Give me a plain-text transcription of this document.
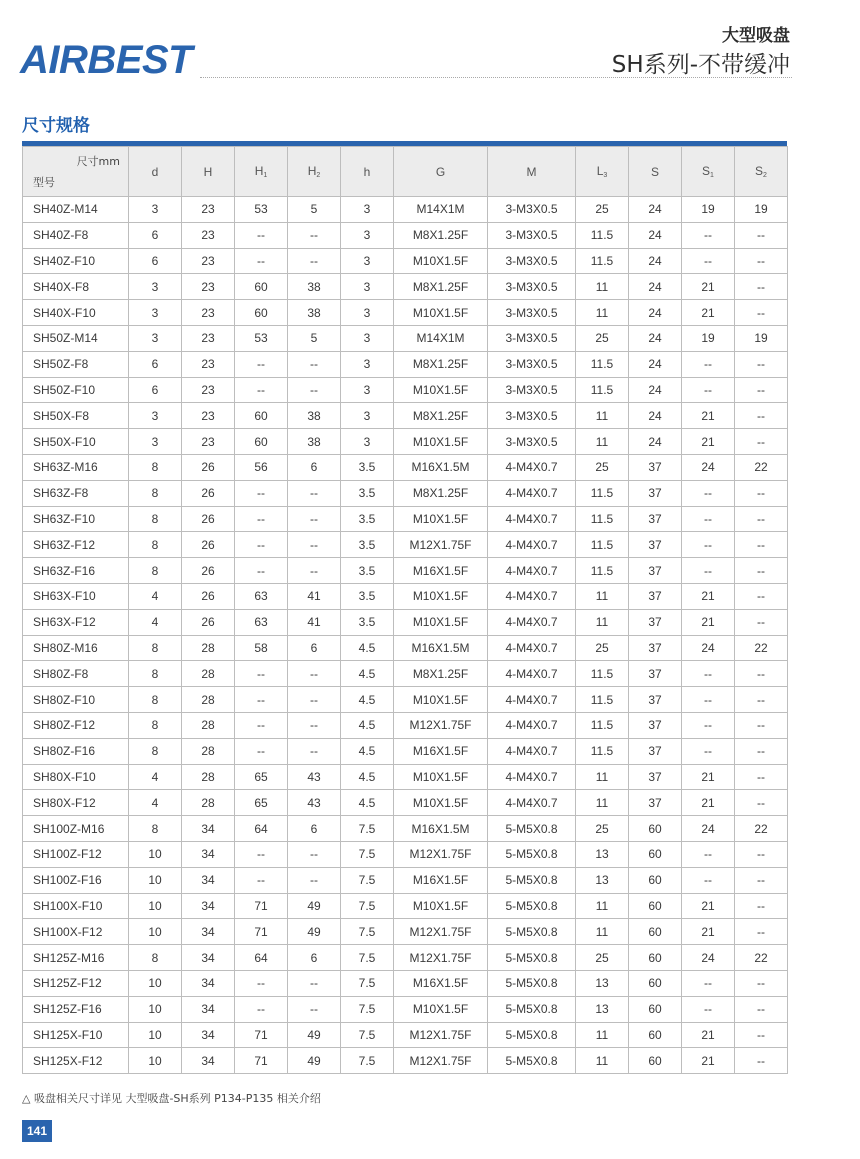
AIRBEST
大型吸盘
SH系列-不带缓冲
尺寸规格
尺寸mm
型号	d	H	$H_1$	$H_2$	h	G	M	$L_3$	S	$S_1$	$S_2$
SH40Z-M14	3	23	53	5	3	M14X1M	3-M3X0.5	25	24	19	19
SH40Z-F8	6	23	--	--	3	M8X1.25F	3-M3X0.5	11.5	24	--	--
SH40Z-F10	6	23	--	--	3	M10X1.5F	3-M3X0.5	11.5	24	--	--
SH40X-F8	3	23	60	38	3	M8X1.25F	3-M3X0.5	11	24	21	--
SH40X-F10	3	23	60	38	3	M10X1.5F	3-M3X0.5	11	24	21	--
SH50Z-M14	3	23	53	5	3	M14X1M	3-M3X0.5	25	24	19	19
SH50Z-F8	6	23	--	--	3	M8X1.25F	3-M3X0.5	11.5	24	--	--
SH50Z-F10	6	23	--	--	3	M10X1.5F	3-M3X0.5	11.5	24	--	--
SH50X-F8	3	23	60	38	3	M8X1.25F	3-M3X0.5	11	24	21	--
SH50X-F10	3	23	60	38	3	M10X1.5F	3-M3X0.5	11	24	21	--
SH63Z-M16	8	26	56	6	3.5	M16X1.5M	4-M4X0.7	25	37	24	22
SH63Z-F8	8	26	--	--	3.5	M8X1.25F	4-M4X0.7	11.5	37	--	--
SH63Z-F10	8	26	--	--	3.5	M10X1.5F	4-M4X0.7	11.5	37	--	--
SH63Z-F12	8	26	--	--	3.5	M12X1.75F	4-M4X0.7	11.5	37	--	--
SH63Z-F16	8	26	--	--	3.5	M16X1.5F	4-M4X0.7	11.5	37	--	--
SH63X-F10	4	26	63	41	3.5	M10X1.5F	4-M4X0.7	11	37	21	--
SH63X-F12	4	26	63	41	3.5	M10X1.5F	4-M4X0.7	11	37	21	--
SH80Z-M16	8	28	58	6	4.5	M16X1.5M	4-M4X0.7	25	37	24	22
SH80Z-F8	8	28	--	--	4.5	M8X1.25F	4-M4X0.7	11.5	37	--	--
SH80Z-F10	8	28	--	--	4.5	M10X1.5F	4-M4X0.7	11.5	37	--	--
SH80Z-F12	8	28	--	--	4.5	M12X1.75F	4-M4X0.7	11.5	37	--	--
SH80Z-F16	8	28	--	--	4.5	M16X1.5F	4-M4X0.7	11.5	37	--	--
SH80X-F10	4	28	65	43	4.5	M10X1.5F	4-M4X0.7	11	37	21	--
SH80X-F12	4	28	65	43	4.5	M10X1.5F	4-M4X0.7	11	37	21	--
SH100Z-M16	8	34	64	6	7.5	M16X1.5M	5-M5X0.8	25	60	24	22
SH100Z-F12	10	34	--	--	7.5	M12X1.75F	5-M5X0.8	13	60	--	--
SH100Z-F16	10	34	--	--	7.5	M16X1.5F	5-M5X0.8	13	60	--	--
SH100X-F10	10	34	71	49	7.5	M10X1.5F	5-M5X0.8	11	60	21	--
SH100X-F12	10	34	71	49	7.5	M12X1.75F	5-M5X0.8	11	60	21	--
SH125Z-M16	8	34	64	6	7.5	M12X1.75F	5-M5X0.8	25	60	24	22
SH125Z-F12	10	34	--	--	7.5	M16X1.5F	5-M5X0.8	13	60	--	--
SH125Z-F16	10	34	--	--	7.5	M10X1.5F	5-M5X0.8	13	60	--	--
SH125X-F10	10	34	71	49	7.5	M12X1.75F	5-M5X0.8	11	60	21	--
SH125X-F12	10	34	71	49	7.5	M12X1.75F	5-M5X0.8	11	60	21	--
△ 吸盘相关尺寸详见 大型吸盘-SH系列 P134-P135 相关介绍
141
